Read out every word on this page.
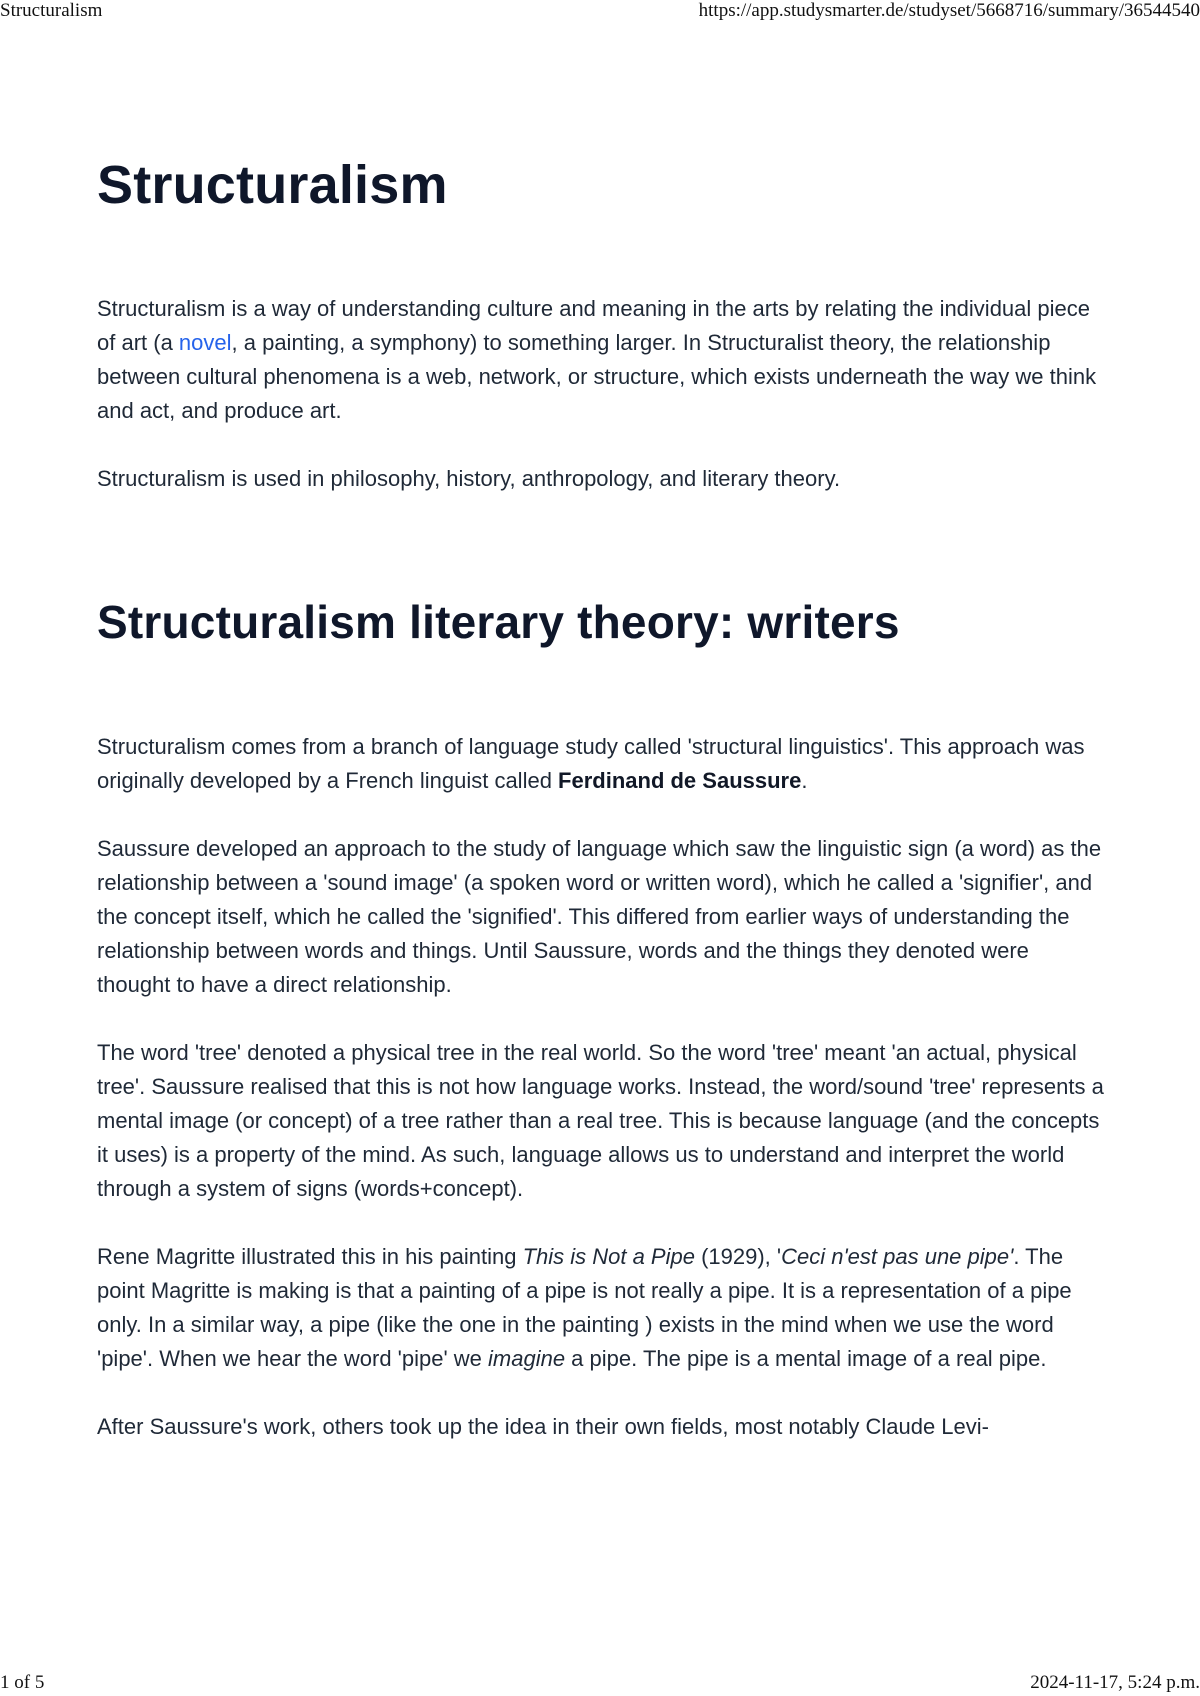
Structuralism	https://app.studysmarter.de/studyset/5668716/summary/36544540
Structuralism

Structuralism is a way of understanding culture and meaning in the arts by relating the individual piece of art (a novel, a painting, a symphony) to something larger. In Structuralist theory, the relationship between cultural phenomena is a web, network, or structure, which exists underneath the way we think and act, and produce art.

Structuralism is used in philosophy, history, anthropology, and literary theory.

Structuralism literary theory: writers

Structuralism comes from a branch of language study called 'structural linguistics'. This approach was originally developed by a French linguist called Ferdinand de Saussure.

Saussure developed an approach to the study of language which saw the linguistic sign (a word) as the relationship between a 'sound image' (a spoken word or written word), which he called a 'signifier', and the concept itself, which he called the 'signified'. This differed from earlier ways of understanding the relationship between words and things. Until Saussure, words and the things they denoted were thought to have a direct relationship.

The word 'tree' denoted a physical tree in the real world. So the word 'tree' meant 'an actual, physical tree'. Saussure realised that this is not how language works. Instead, the word/sound 'tree' represents a mental image (or concept) of a tree rather than a real tree. This is because language (and the concepts it uses) is a property of the mind. As such, language allows us to understand and interpret the world through a system of signs (words+concept).

Rene Magritte illustrated this in his painting This is Not a Pipe (1929), 'Ceci n'est pas une pipe'. The point Magritte is making is that a painting of a pipe is not really a pipe. It is a representation of a pipe only. In a similar way, a pipe (like the one in the painting ) exists in the mind when we use the word 'pipe'. When we hear the word 'pipe' we imagine a pipe. The pipe is a mental image of a real pipe.

After Saussure's work, others took up the idea in their own fields, most notably Claude Levi-

1 of 5	2024-11-17, 5:24 p.m.
